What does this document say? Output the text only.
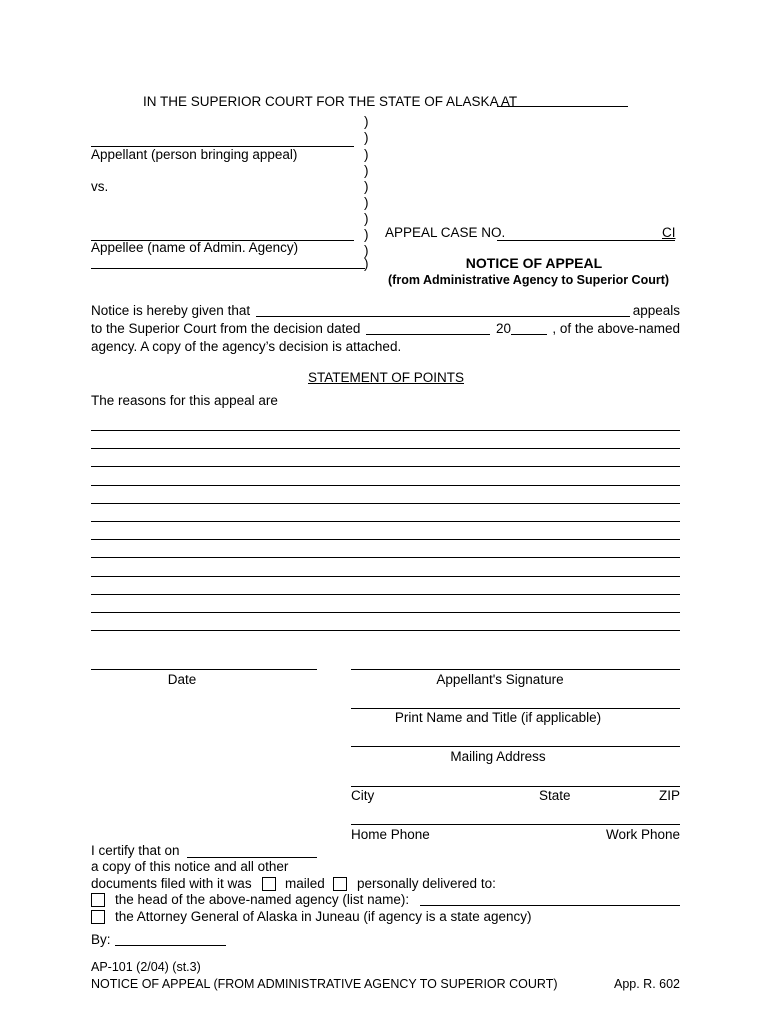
IN THE SUPERIOR COURT FOR THE STATE OF ALASKA AT
Appellant (person bringing appeal)
vs.
Appellee (name of Admin. Agency)
APPEAL CASE NO.	CI
NOTICE OF APPEAL
(from Administrative Agency to Superior Court)
Notice is hereby given that	appeals
to the Superior Court from the decision dated	20	, of the above-named
agency. A copy of the agency’s decision is attached.
STATEMENT OF POINTS
The reasons for this appeal are
Date	Appellant's Signature
Print Name and Title (if applicable)
Mailing Address
City	State	ZIP
Home Phone	Work Phone
I certify that on
a copy of this notice and all other
documents filed with it was mailed personally delivered to:
the head of the above-named agency (list name):
the Attorney General of Alaska in Juneau (if agency is a state agency)
By:
AP-101 (2/04) (st.3)
NOTICE OF APPEAL (FROM ADMINISTRATIVE AGENCY TO SUPERIOR COURT)	App. R. 602
)
)
)
)
)
)
)
)
)
)
